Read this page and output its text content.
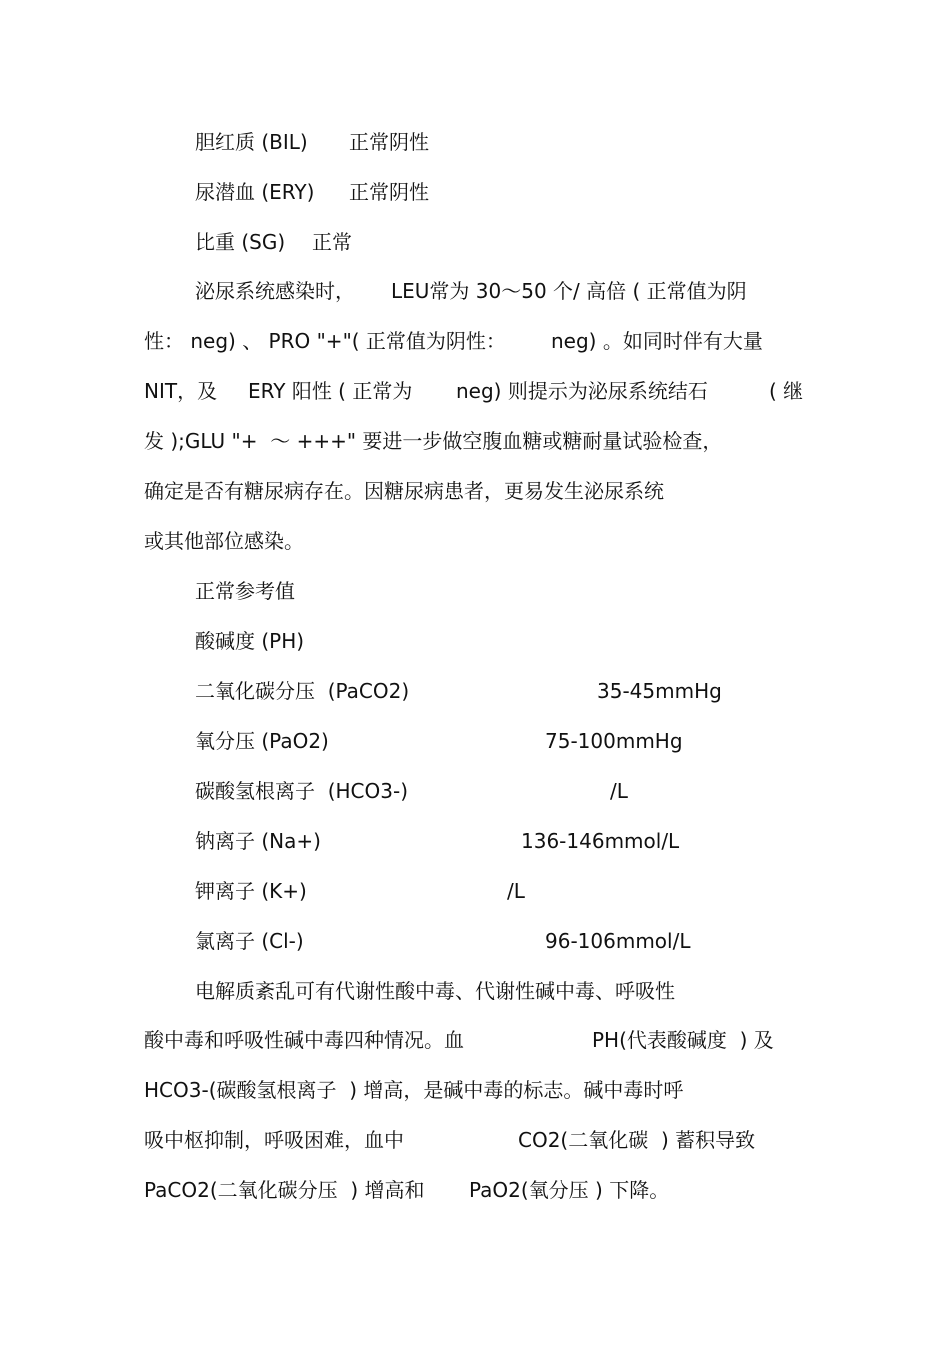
胆红质 (BIL) 正常阴性
尿潜血 (ERY) 正常阴性
比重 (SG) 正常
泌尿系统感染时， LEU常为 30～50 个/ 高倍 ( 正常值为阴
性： neg) 、 PRO "+"( 正常值为阴性： neg) 。如同时伴有大量
NIT，及 ERY 阳性 ( 正常为 neg) 则提示为泌尿系统结石	( 继
发 );GLU "+  ～ +++" 要进一步做空腹血糖或糖耐量试验检查，
确定是否有糖尿病存在。因糖尿病患者，更易发生泌尿系统
或其他部位感染。
正常参考值
酸碱度 (PH)
二氧化碳分压  (PaCO2)	35-45mmHg
氧分压 (PaO2)	75-100mmHg
碳酸氢根离子  (HCO3-)	/L
钠离子 (Na+)	136-146mmol/L
钾离子 (K+)	/L
氯离子 (Cl-)	96-106mmol/L
电解质紊乱可有代谢性酸中毒、代谢性碱中毒、呼吸性
酸中毒和呼吸性碱中毒四种情况。血	PH(代表酸碱度  ) 及
HCO3-(碳酸氢根离子  ) 增高，是碱中毒的标志。碱中毒时呼
吸中枢抑制，呼吸困难，血中	CO2(二氧化碳  ) 蓄积导致
PaCO2(二氧化碳分压  ) 增高和 PaO2(氧分压 ) 下降。
